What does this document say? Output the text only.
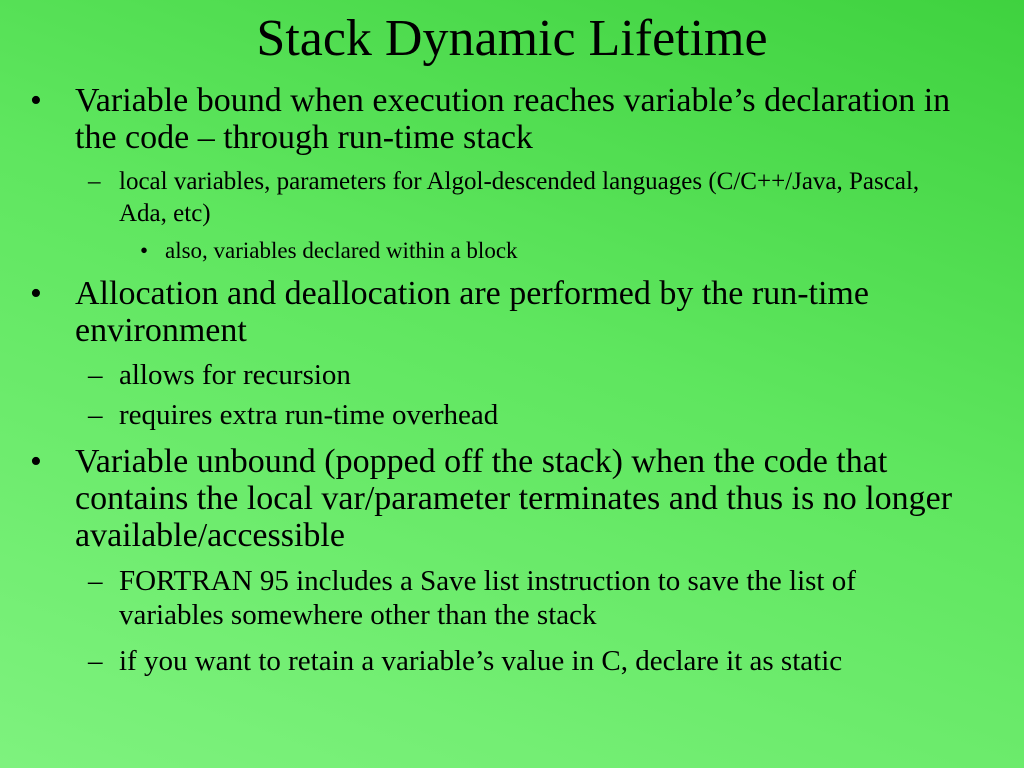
Stack Dynamic Lifetime
• Variable bound when execution reaches variable’s declaration in the code – through run-time stack
– local variables, parameters for Algol-descended languages (C/C++/Java, Pascal, Ada, etc)
• also, variables declared within a block
• Allocation and deallocation are performed by the run-time environment
– allows for recursion
– requires extra run-time overhead
• Variable unbound (popped off the stack) when the code that contains the local var/parameter terminates and thus is no longer available/accessible
– FORTRAN 95 includes a Save list instruction to save the list of variables somewhere other than the stack
– if you want to retain a variable’s value in C, declare it as static
